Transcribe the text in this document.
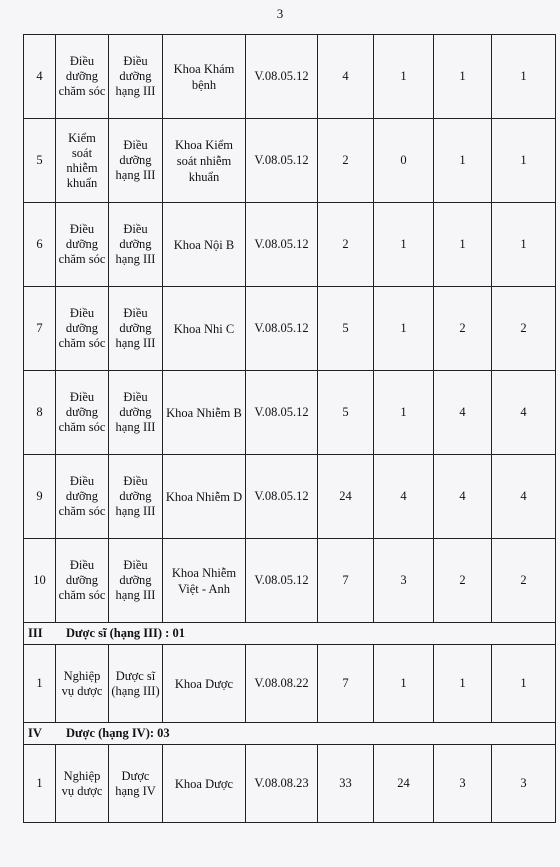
3
4	Điều dưỡng chăm sóc	Điều dưỡng hạng III	Khoa Khám bệnh	V.08.05.12	4	1	1	1
5	Kiểm soát nhiễm khuẩn	Điều dưỡng hạng III	Khoa Kiểm soát nhiễm khuẩn	V.08.05.12	2	0	1	1
6	Điều dưỡng chăm sóc	Điều dưỡng hạng III	Khoa Nội B	V.08.05.12	2	1	1	1
7	Điều dưỡng chăm sóc	Điều dưỡng hạng III	Khoa Nhi C	V.08.05.12	5	1	2	2
8	Điều dưỡng chăm sóc	Điều dưỡng hạng III	Khoa Nhiễm B	V.08.05.12	5	1	4	4
9	Điều dưỡng chăm sóc	Điều dưỡng hạng III	Khoa Nhiễm D	V.08.05.12	24	4	4	4
10	Điều dưỡng chăm sóc	Điều dưỡng hạng III	Khoa Nhiễm Việt - Anh	V.08.05.12	7	3	2	2
III Dược sĩ (hạng III) : 01								
1	Nghiệp vụ dược	Dược sĩ (hạng III)	Khoa Dược	V.08.08.22	7	1	1	1
IV Dược (hạng IV): 03								
1	Nghiệp vụ dược	Dược hạng IV	Khoa Dược	V.08.08.23	33	24	3	3
